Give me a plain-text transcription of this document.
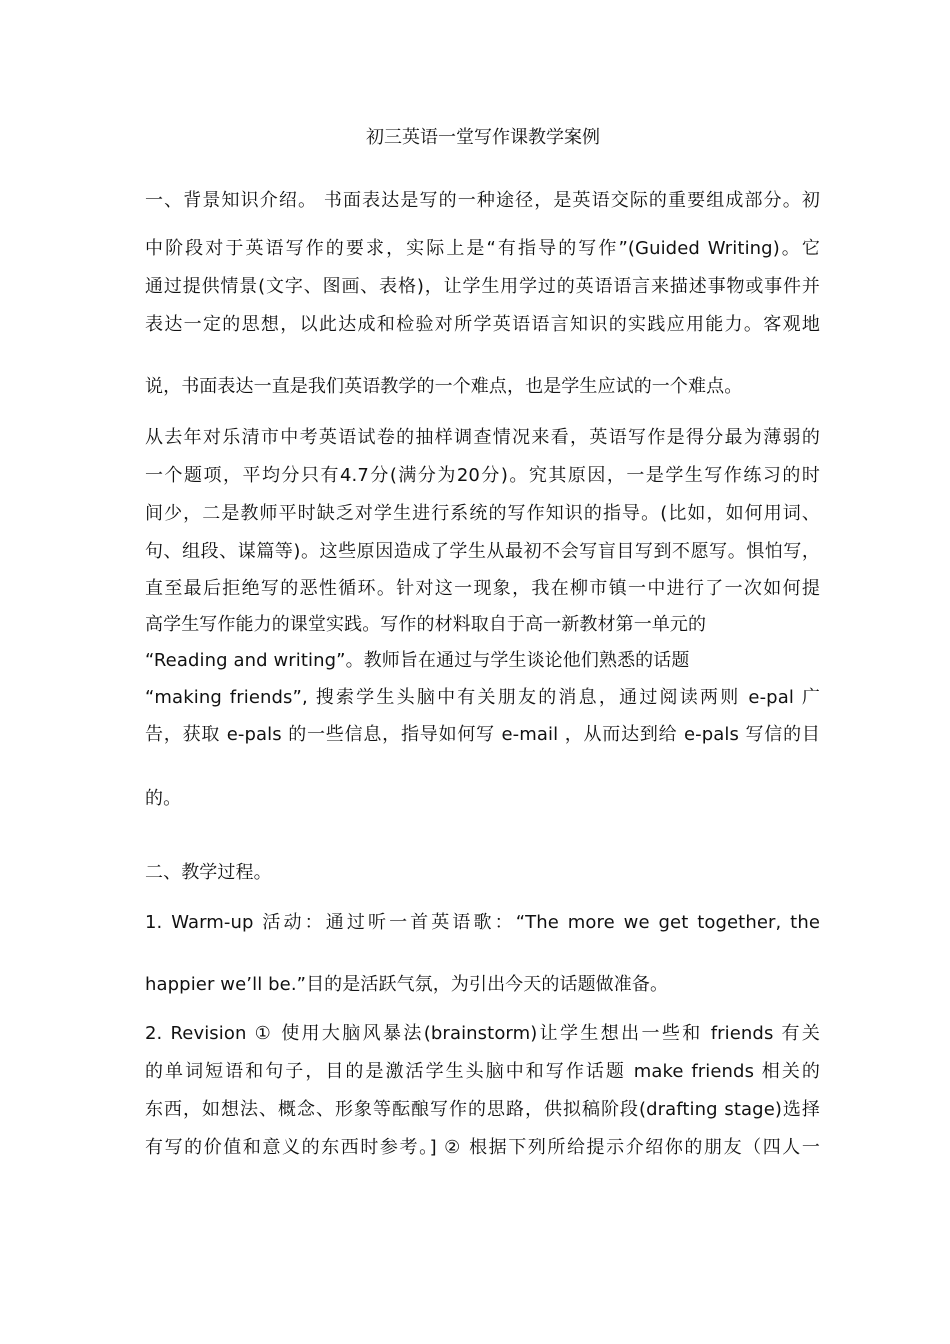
初三英语一堂写作课教学案例
一、背景知识介绍。 书面表达是写的一种途径，是英语交际的重要组成部分。初
中阶段对于英语写作的要求，实际上是“有指导的写作”(Guided Writing)。它
通过提供情景(文字、图画、表格)，让学生用学过的英语语言来描述事物或事件并
表达一定的思想，以此达成和检验对所学英语语言知识的实践应用能力。客观地
说，书面表达一直是我们英语教学的一个难点，也是学生应试的一个难点。
从去年对乐清市中考英语试卷的抽样调查情况来看，英语写作是得分最为薄弱的
一个题项，平均分只有4.7分(满分为20分)。究其原因，一是学生写作练习的时
间少，二是教师平时缺乏对学生进行系统的写作知识的指导。(比如，如何用词、
句、组段、谋篇等)。这些原因造成了学生从最初不会写盲目写到不愿写。惧怕写，
直至最后拒绝写的恶性循环。针对这一现象，我在柳市镇一中进行了一次如何提
高学生写作能力的课堂实践。写作的材料取自于高一新教材第一单元的
“Reading and writing”。教师旨在通过与学生谈论他们熟悉的话题
“making friends”, 搜索学生头脑中有关朋友的消息，通过阅读两则 e-pal 广
告，获取 e-pals 的一些信息，指导如何写 e-mail ，从而达到给 e-pals 写信的目
的。
二、教学过程。
1. Warm-up 活动：通过听一首英语歌：“The more we get together, the
happier we’ll be.”目的是活跃气氛，为引出今天的话题做准备。
2. Revision ① 使用大脑风暴法(brainstorm)让学生想出一些和 friends 有关
的单词短语和句子，目的是激活学生头脑中和写作话题 make friends 相关的
东西，如想法、概念、形象等酝酿写作的思路，供拟稿阶段(drafting stage)选择
有写的价值和意义的东西时参考。] ② 根据下列所给提示介绍你的朋友（四人一
